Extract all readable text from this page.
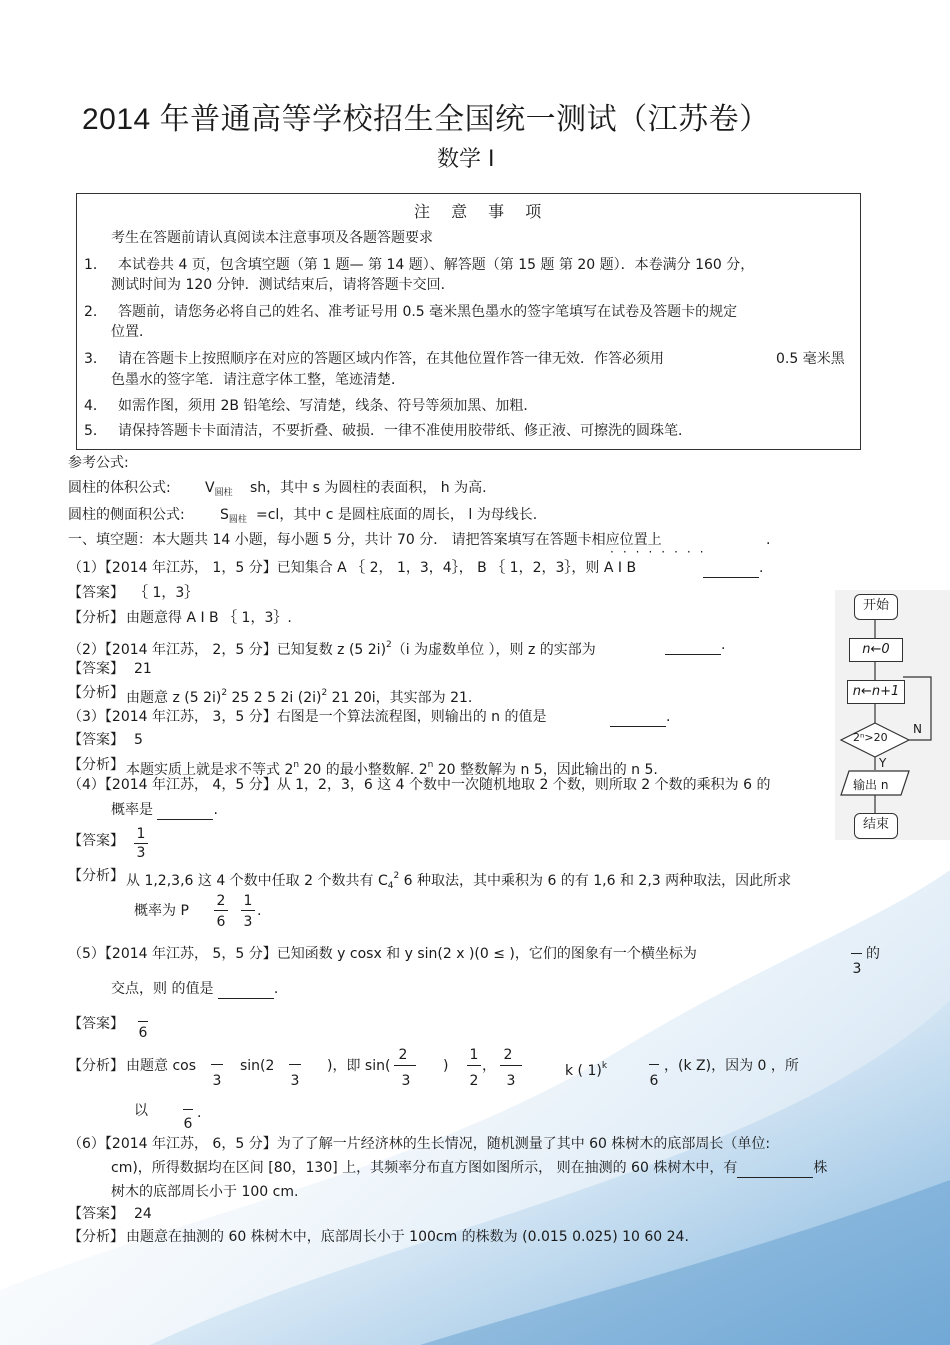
2014 年普通高等学校招生全国统一测试（江苏卷）
数学 Ⅰ
注 意 事 项
考生在答题前请认真阅读本注意事项及各题答题要求
1． 本试卷共 4 页，包含填空题（第 1 题— 第 14 题）、解答题（第 15 题 第 20 题）．本卷满分 160 分，
测试时间为 120 分钟．测试结束后，请将答题卡交回．
2． 答题前，请您务必将自己的姓名、准考证号用 0.5 毫米黑色墨水的签字笔填写在试卷及答题卡的规定
位置．
3． 请在答题卡上按照顺序在对应的答题区域内作答，在其他位置作答一律无效．作答必须用	0.5 毫米黑
色墨水的签字笔．请注意字体工整，笔迹清楚．
4． 如需作图，须用 2B 铅笔绘、写清楚，线条、符号等须加黑、加粗．
5． 请保持答题卡卡面清洁，不要折叠、破损．一律不准使用胶带纸、修正液、可擦洗的圆珠笔．
参考公式:
圆柱的体积公式: $V_{圆柱}$ sh，其中 s 为圆柱的表面积， h 为高.
圆柱的侧面积公式:	$S_{圆柱} =cl$，其中 c 是圆柱底面的周长， l 为母线长.
一、填空题：本大题共 14 小题，每小题 5 分，共计 70 分． 请把答案填写在答题卡相应位置上	.
········
（1）【2014 年江苏， 1，5 分】已知集合 A ｛ 2， 1，3，4｝， B ｛ 1，2，3｝，则 A I B	.
【答案】 ｛ 1，3｝
【分析】 由题意得 A I B ｛ 1，3｝.
（2）【2014 年江苏， 2，5 分】已知复数 z (5 2i)$^2$（i 为虚数单位 ），则 z 的实部为	.
【答案】 21
【分析】 由题意 z (5 2i)$^2$ 25 2 5 2i $(2i)^2$ 21 20i，其实部为 21.
（3）【2014 年江苏， 3，5 分】右图是一个算法流程图，则输出的 n 的值是	.
【答案】 5
【分析】 本题实质上就是求不等式 2$^n$ 20 的最小整数解. 2$^n$ 20 整数解为 n 5，因此输出的 n 5.
（4）【2014 年江苏， 4，5 分】从 1，2，3，6 这 4 个数中一次随机地取 2 个数，则所取 2 个数的乘积为 6 的
概率是	.
【答案】 1
3
【分析】 从 1,2,3,6 这 4 个数中任取 2 个数共有 $C_4^2$ 6 种取法，其中乘积为 6 的有 1,6 和 2,3 两种取法，因此所求
概率为 P
2
6
1
3
.
（5）【2014 年江苏， 5，5 分】已知函数 y cosx 和 y sin(2 x )(0 ≤ )，它们的图象有一个横坐标为
3
的
交点，则 的值是	.
【答案】
6
【分析】 由题意 cos
3
sin(2
3
)，即 sin(
2
3
)
1
2
，
2
3
k ( 1)$^k$
6
，(k Z)，因为 0 ，所
以
6
.
（6）【2014 年江苏， 6，5 分】为了了解一片经济林的生长情况，随机测量了其中 60 株树木的底部周长（单位:
cm)，所得数据均在区间 [80，130] 上，其频率分布直方图如图所示， 则在抽测的 60 株树木中，有	株
树木的底部周长小于 100 cm.
【答案】 24
【分析】 由题意在抽测的 60 株树木中，底部周长小于 100cm 的株数为 (0.015 0.025) 10 60 24.
开始
n←0
n←n+1
2ⁿ>20
N
Y
输出 n
结束
